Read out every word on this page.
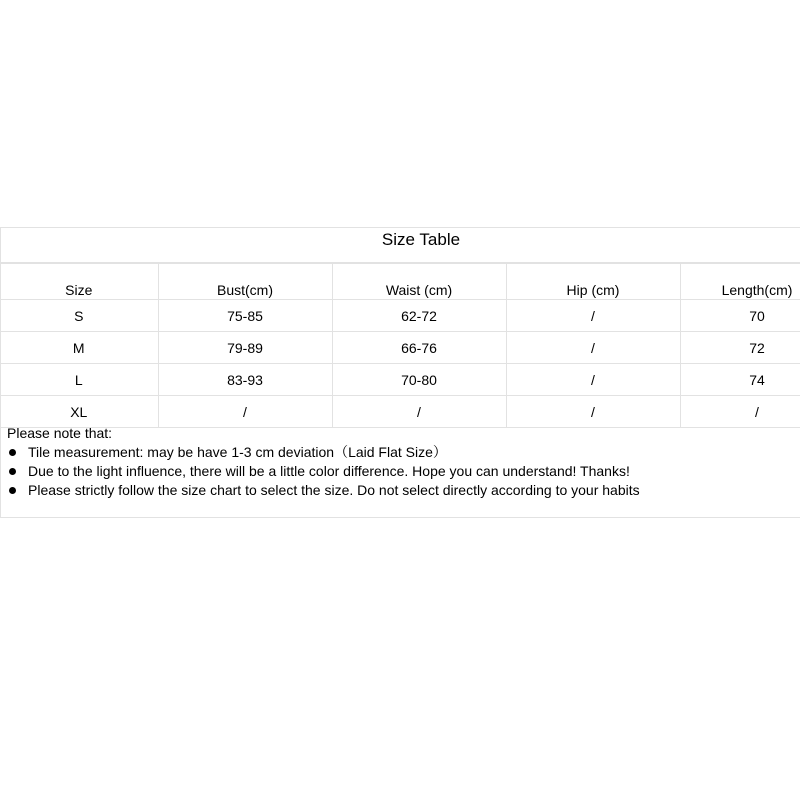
Size Table
Size	Bust(cm)	Waist (cm)	Hip (cm)	Length(cm)
S	75-85	62-72	/	70
M	79-89	66-76	/	72
L	83-93	70-80	/	74
XL	/	/	/	/

Please note that:

Tile measurement: may be have 1-3 cm deviation（Laid Flat Size）
Due to the light influence, there will be a little color difference. Hope you can understand! Thanks!
Please strictly follow the size chart to select the size. Do not select directly according to your habits
